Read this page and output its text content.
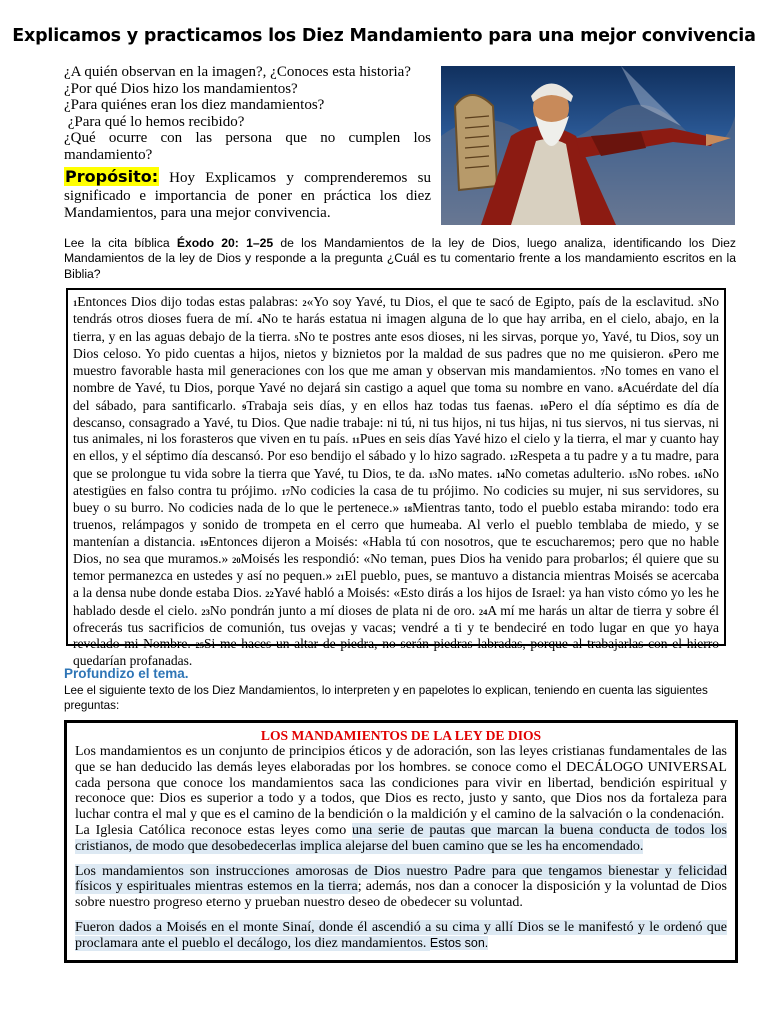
Explicamos y practicamos los Diez Mandamiento para una mejor convivencia
¿A quién observan en la imagen?, ¿Conoces esta historia?
¿Por qué Dios hizo los mandamientos?
¿Para quiénes eran los diez mandamientos?
¿Para qué lo hemos recibido?
¿Qué ocurre con las persona que no cumplen los mandamiento?
Propósito: Hoy Explicamos y comprenderemos su significado e importancia de poner en práctica los diez Mandamientos, para una mejor convivencia.
Lee la cita bíblica Éxodo 20: 1–25 de los Mandamientos de la ley de Dios, luego analiza, identificando los Diez Mandamientos de la ley de Dios y responde a la pregunta ¿Cuál es tu comentario frente a los mandamiento escritos en la Biblia?
1Entonces Dios dijo todas estas palabras: 2«Yo soy Yavé, tu Dios, el que te sacó de Egipto, país de la esclavitud. 3No tendrás otros dioses fuera de mí. 4No te harás estatua ni imagen alguna de lo que hay arriba, en el cielo, abajo, en la tierra, y en las aguas debajo de la tierra. 5No te postres ante esos dioses, ni les sirvas, porque yo, Yavé, tu Dios, soy un Dios celoso. Yo pido cuentas a hijos, nietos y biznietos por la maldad de sus padres que no me quisieron. 6Pero me muestro favorable hasta mil generaciones con los que me aman y observan mis mandamientos. 7No tomes en vano el nombre de Yavé, tu Dios, porque Yavé no dejará sin castigo a aquel que toma su nombre en vano. 8Acuérdate del día del sábado, para santificarlo. 9Trabaja seis días, y en ellos haz todas tus faenas. 10Pero el día séptimo es día de descanso, consagrado a Yavé, tu Dios. Que nadie trabaje: ni tú, ni tus hijos, ni tus hijas, ni tus siervos, ni tus siervas, ni tus animales, ni los forasteros que viven en tu país. 11Pues en seis días Yavé hizo el cielo y la tierra, el mar y cuanto hay en ellos, y el séptimo día descansó. Por eso bendijo el sábado y lo hizo sagrado. 12Respeta a tu padre y a tu madre, para que se prolongue tu vida sobre la tierra que Yavé, tu Dios, te da. 13No mates. 14No cometas adulterio. 15No robes. 16No atestigües en falso contra tu prójimo. 17No codicies la casa de tu prójimo. No codicies su mujer, ni sus servidores, su buey o su burro. No codicies nada de lo que le pertenece.» 18Mientras tanto, todo el pueblo estaba mirando: todo era truenos, relámpagos y sonido de trompeta en el cerro que humeaba. Al verlo el pueblo temblaba de miedo, y se mantenían a distancia. 19Entonces dijeron a Moisés: «Habla tú con nosotros, que te escucharemos; pero que no hable Dios, no sea que muramos.» 20Moisés les respondió: «No teman, pues Dios ha venido para probarlos; él quiere que su temor permanezca en ustedes y así no pequen.» 21El pueblo, pues, se mantuvo a distancia mientras Moisés se acercaba a la densa nube donde estaba Dios. 22Yavé habló a Moisés: «Esto dirás a los hijos de Israel: ya han visto cómo yo les he hablado desde el cielo. 23No pondrán junto a mí dioses de plata ni de oro. 24A mí me harás un altar de tierra y sobre él ofrecerás tus sacrificios de comunión, tus ovejas y vacas; vendré a ti y te bendeciré en todo lugar en que yo haya revelado mi Nombre. 25Si me haces un altar de piedra, no serán piedras labradas, porque al trabajarlas con el hierro quedarían profanadas.
Profundizo el tema.
Lee el siguiente texto de los Diez Mandamientos, lo interpreten y en papelotes lo explican, teniendo en cuenta las siguientes preguntas:
LOS MANDAMIENTOS DE LA LEY DE DIOS

Los mandamientos es un conjunto de principios éticos y de adoración, son las leyes cristianas fundamentales de las que se han deducido las demás leyes elaboradas por los hombres. se conoce como el DECÁLOGO UNIVERSAL cada persona que conoce los mandamientos saca las condiciones para vivir en libertad, bendición espiritual y reconoce que: Dios es superior a todo y a todos, que Dios es recto, justo y santo, que Dios nos da fortaleza para luchar contra el mal y que es el camino de la bendición o la maldición y el camino de la salvación o la condenación.

La Iglesia Católica reconoce estas leyes como una serie de pautas que marcan la buena conducta de todos los cristianos, de modo que desobedecerlas implica alejarse del buen camino que se les ha encomendado.

Los mandamientos son instrucciones amorosas de Dios nuestro Padre para que tengamos bienestar y felicidad físicos y espirituales mientras estemos en la tierra; además, nos dan a conocer la disposición y la voluntad de Dios sobre nuestro progreso eterno y prueban nuestro deseo de obedecer su voluntad.

Fueron dados a Moisés en el monte Sinaí, donde él ascendió a su cima y allí Dios se le manifestó y le ordenó que proclamara ante el pueblo el decálogo, los diez mandamientos. Estos son.
